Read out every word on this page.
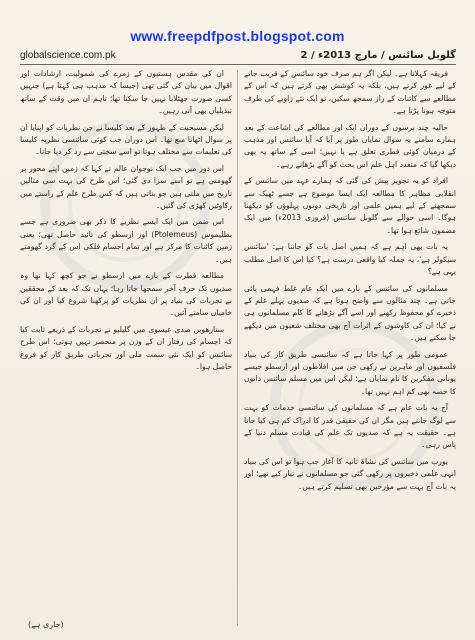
www.freepdfpost.blogspot.com
globalscience.com.pk	گلوبل سائنس / مارچ 2013ء / 2

فریقہ کہلاتا ہے۔ لیکن اگر ہم صرف خود سائنس کے قریب جانے کے لیے غور کرتے ہیں، بلکہ یہ کوشش بھی کرتے ہیں کہ اس کے مطالعے سے کائنات کے راز سمجھ سکیں، تو ایک نئے زاویے کی طرف متوجہ ہونا پڑتا ہے۔

حالیہ چند برسوں کے دوران ایک اور مطالعے کی اشاعت کے بعد ہمارے سامنے یہ سوال نمایاں طور پر آیا کہ آیا سائنس اور مذہب کے درمیان کوئی فطری تعلق ہے یا نہیں؛ اسی کے ساتھ یہ بھی دیکھا گیا کہ متعدد اہل علم اس بحث کو آگے بڑھاتے رہے۔

افراد کو یہ تجویز پیش کی گئی کہ ہمارے عہد میں سائنس کے انقلابی مظاہر کا مطالعہ ایک ایسا موضوع ہے جسے ٹھیک سے سمجھنے کے لیے ہمیں علمی اور تاریخی دونوں پہلوؤں کو دیکھنا ہوگا۔ اسی حوالے سے گلوبل سائنس (فروری 2013ء) میں ایک مضمون شائع ہوا تھا۔

یہ بات بھی اہم ہے کہ ہمیں اصل بات کو جاننا ہے: 'سائنس سیکولر ہے'، یہ جملہ کیا واقعی درست ہے؟ کیا اس کا اصل مطلب یہی ہے؟

مسلمانوں کی سائنس کے بارے میں ایک عام غلط فہمی پائی جاتی ہے۔ چند مثالوں سے واضح ہوتا ہے کہ صدیوں پہلے علم کے ذخیرے کو محفوظ رکھنے اور اسے آگے بڑھانے کا کام مسلمانوں ہی نے کیا؛ ان کی کاوشوں کے اثرات آج بھی مختلف شعبوں میں دیکھے جا سکتے ہیں۔

عمومی طور پر کہا جاتا ہے کہ سائنسی طریق کار کی بنیاد فلسفیوں اور ماہرین نے رکھی جن میں افلاطون اور ارسطو جیسے یونانی مفکرین کا نام نمایاں ہے؛ لیکن اس میں مسلم سائنس دانوں کا حصہ بھی کم اہم نہیں تھا۔

آج یہ بات عام ہے کہ مسلمانوں کی سائنسی خدمات کو بہت سے لوگ جانتے ہیں مگر ان کی حقیقی قدر کا ادراک کم ہی کیا جاتا ہے۔ حقیقت یہ ہے کہ صدیوں تک علم کی قیادت مسلم دنیا کے پاس رہی۔

یورپ میں سائنس کی نشاۃ ثانیہ کا آغاز جب ہوا تو اس کی بنیاد انہی علمی ذخیروں پر رکھی گئی جو مسلمانوں نے تیار کیے تھے؛ اور یہ بات آج بہت سے مؤرخین بھی تسلیم کرتے ہیں۔

ان کی مقدس ہستیوں کے زمرے کی شمولیت، ارشادات اور اقوال میں بیان کی گئی تھی (جیسا کہ مذہب ہی کہتا ہے) جنہیں کسی صورت جھٹلایا نہیں جا سکتا تھا؛ تاہم ان میں وقت کے ساتھ تبدیلیاں بھی آتی رہیں۔

لیکن مسیحیت کے ظہور کے بعد کلیسا نے جن نظریات کو اپنایا ان پر سوال اٹھانا منع تھا۔ اس دوران جب کوئی سائنسی نظریہ کلیسا کی تعلیمات سے مختلف ہوتا تو اسے سختی سے رد کر دیا جاتا۔

اس دور میں جب ایک نوجوان عالم نے کہا کہ زمین اپنے محور پر گھومتی ہے تو اسے سزا دی گئی؛ اس طرح کی بہت سی مثالیں تاریخ میں ملتی ہیں جو بتاتی ہیں کہ کس طرح علم کے راستے میں رکاوٹیں کھڑی کی گئیں۔

اس ضمن میں ایک ایسے نظریے کا ذکر بھی ضروری ہے جسے بطلیموس (Ptolemeus) اور ارسطو کی تائید حاصل تھی؛ یعنی زمین کائنات کا مرکز ہے اور تمام اجسام فلکی اس کے گرد گھومتے ہیں۔

مطالعہ فطرت کے بارے میں ارسطو نے جو کچھ کہا تھا وہ صدیوں تک حرف آخر سمجھا جاتا رہا؛ یہاں تک کہ بعد کے محققین نے تجربات کی بنیاد پر ان نظریات کو پرکھنا شروع کیا اور ان کی خامیاں سامنے آئیں۔

ستارھویں صدی عیسوی میں گلیلیو نے تجربات کے ذریعے ثابت کیا کہ اجسام کی رفتار ان کے وزن پر منحصر نہیں ہوتی؛ اس طرح سائنس کو ایک نئی سمت ملی اور تجرباتی طریق کار کو فروغ حاصل ہوا۔

(جاری ہے)
